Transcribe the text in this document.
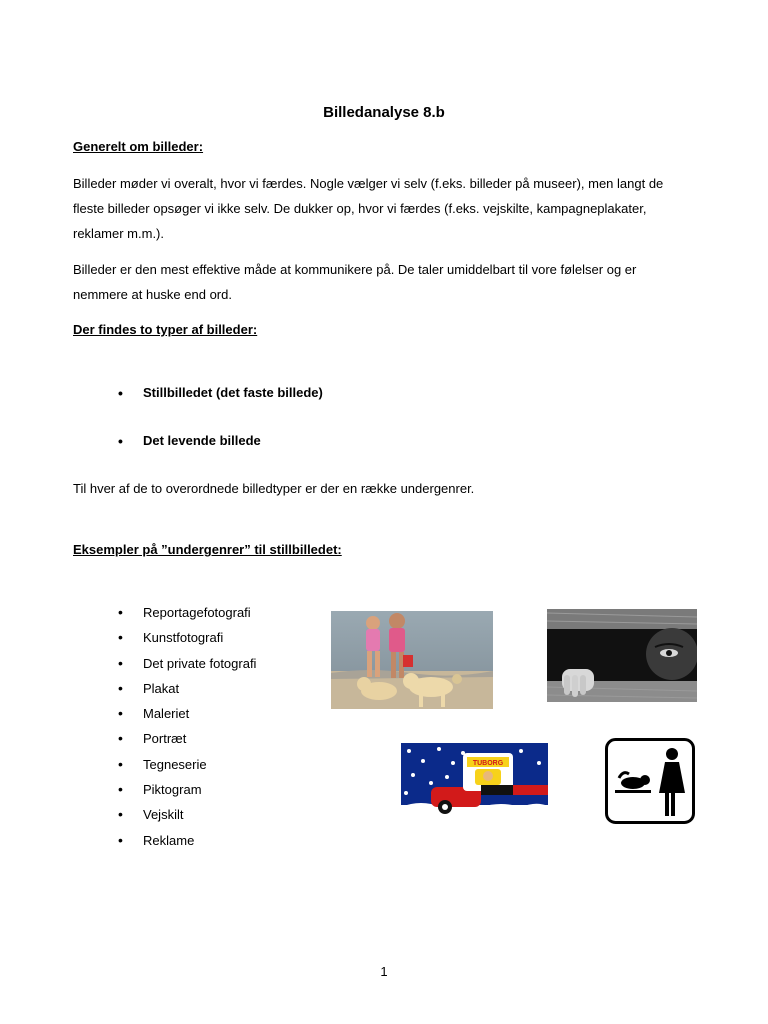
Billedanalyse 8.b
Generelt om billeder:
Billeder møder vi overalt, hvor vi færdes. Nogle vælger vi selv (f.eks. billeder på museer), men langt de fleste billeder opsøger vi ikke selv. De dukker op, hvor vi færdes (f.eks. vejskilte, kampagneplakater, reklamer m.m.).
Billeder er den mest effektive måde at kommunikere på. De taler umiddelbart til vore følelser og er nemmere at huske end ord.
Der findes to typer af billeder:
• Stillbilledet (det faste billede)
• Det levende billede
Til hver af de to overordnede billedtyper er der en række undergenrer.
Eksempler på ”undergenrer” til stillbilledet:
• Reportagefotografi
• Kunstfotografi
• Det private fotografi
• Plakat
• Maleriet
• Portræt
• Tegneserie
• Piktogram
• Vejskilt
• Reklame
TUBORG
1
